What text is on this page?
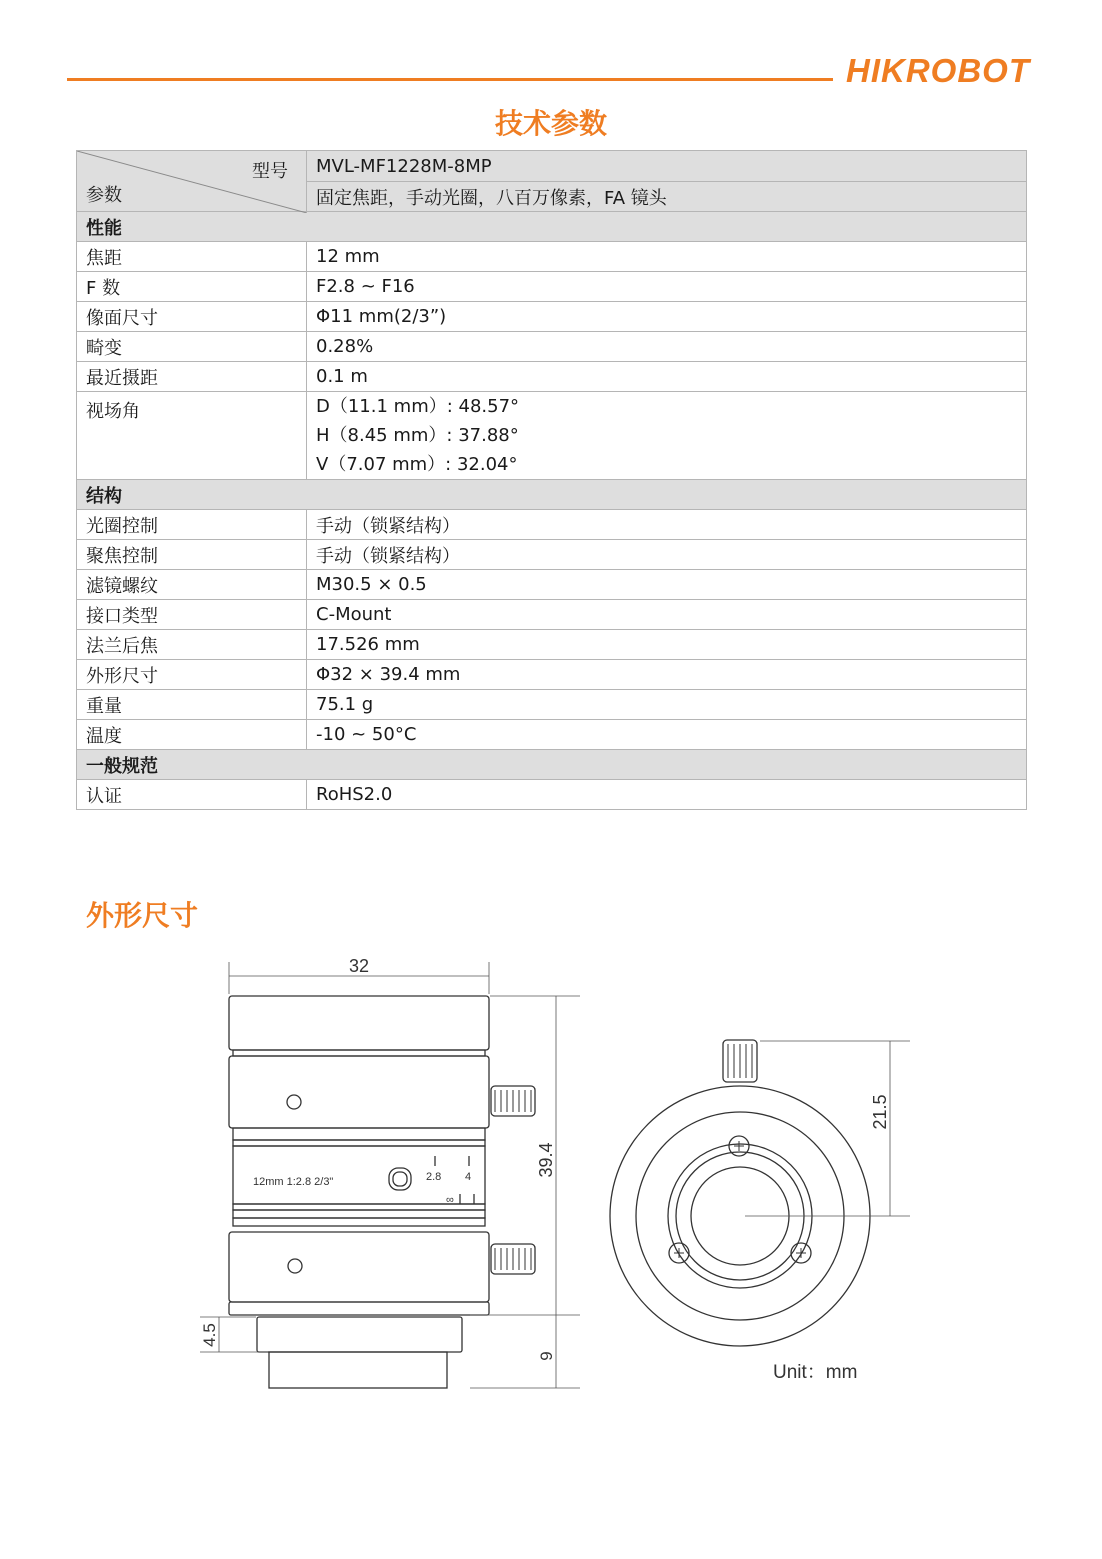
HIKROBOT
技术参数
型号
参数	MVL-MF1228M-8MP
	固定焦距，手动光圈，八百万像素，FA 镜头
性能	
焦距	12 mm
F 数	F2.8 ~ F16
像面尺寸	Φ11 mm(2/3”)
畸变	0.28%
最近摄距	0.1 m
视场角	D（11.1 mm）: 48.57°
H（8.45 mm）: 37.88°
V（7.07 mm）: 32.04°

结构	
光圈控制	手动（锁紧结构）
聚焦控制	手动（锁紧结构）
滤镜螺纹	M30.5 × 0.5
接口类型	C-Mount
法兰后焦	17.526 mm
外形尺寸	Φ32 × 39.4 mm
重量	75.1 g
温度	-10 ~ 50°C
一般规范	
认证	RoHS2.0
外形尺寸
32
39.4
4.5
9
12mm 1:2.8 2/3"	2.8 4
∞
21.5
Unit：mm
